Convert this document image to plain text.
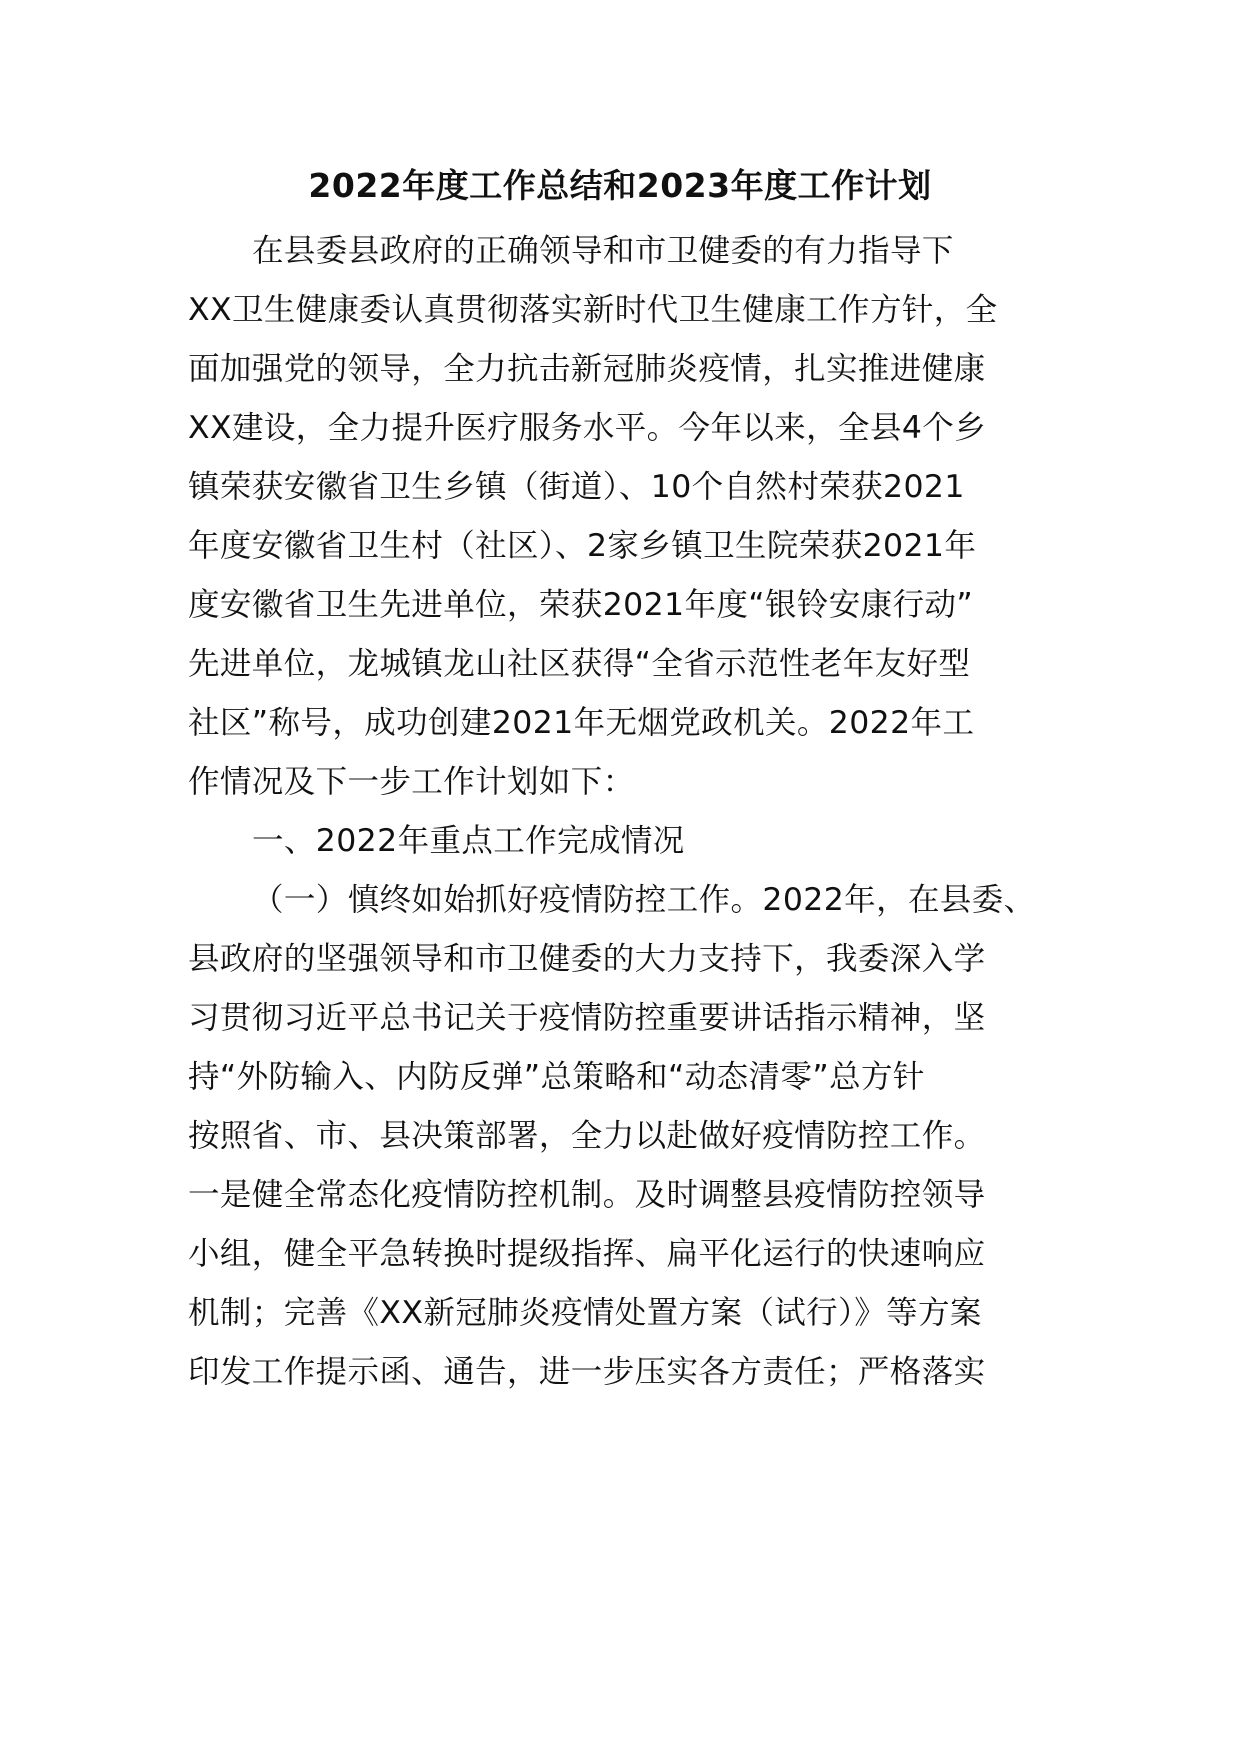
2022年度工作总结和2023年度工作计划
在县委县政府的正确领导和市卫健委的有力指导下
XX卫生健康委认真贯彻落实新时代卫生健康工作方针，全
面加强党的领导，全力抗击新冠肺炎疫情，扎实推进健康
XX建设，全力提升医疗服务水平。今年以来，全县4个乡
镇荣获安徽省卫生乡镇（街道）、10个自然村荣获2021
年度安徽省卫生村（社区）、2家乡镇卫生院荣获2021年
度安徽省卫生先进单位，荣获2021年度“银铃安康行动”
先进单位，龙城镇龙山社区获得“全省示范性老年友好型
社区”称号，成功创建2021年无烟党政机关。2022年工
作情况及下一步工作计划如下：
一、2022年重点工作完成情况
（一）慎终如始抓好疫情防控工作。2022年，在县委、
县政府的坚强领导和市卫健委的大力支持下，我委深入学
习贯彻习近平总书记关于疫情防控重要讲话指示精神，坚
持“外防输入、内防反弹”总策略和“动态清零”总方针
按照省、市、县决策部署，全力以赴做好疫情防控工作。
一是健全常态化疫情防控机制。及时调整县疫情防控领导
小组，健全平急转换时提级指挥、扁平化运行的快速响应
机制；完善《XX新冠肺炎疫情处置方案（试行）》等方案
印发工作提示函、通告，进一步压实各方责任；严格落实
